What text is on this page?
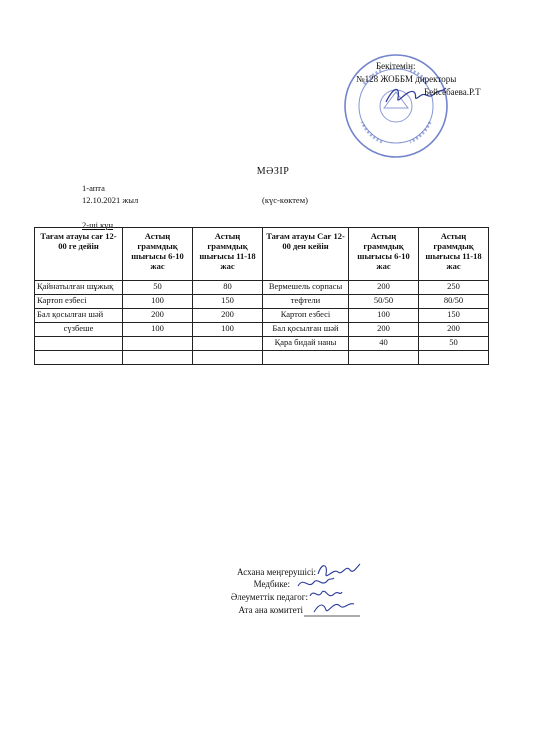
Бекітемін:
№128 ЖОББМ директоры
Бейсебаева.Р.Т
МӘЗІР
1-апта
12.10.2021 жыл	(күс-көктем)
2-ші күн
Тағам атауы сағ 12-00 ге дейін	Астың граммдық шығысы 6-10 жас	Астың граммдық шығысы 11-18 жас	Тағам атауы Сағ 12-00 ден кейін	Астың граммдық шығысы 6-10 жас	Астың граммдық шығысы 11-18 жас
Қайнатылған шұжық	50	80	Вермешель сорпасы	200	250
Картоп езбесі	100	150	тефтели	50/50	80/50
Бал қосылған шәй	200	200	Картоп езбесі	100	150
сүзбеше	100	100	Бал қосылған шәй	200	200
			Қара бидай наны	40	50

Асхана меңгерушісі:
Медбике:
Әлеуметтік педагог:
Ата ана комитеті
